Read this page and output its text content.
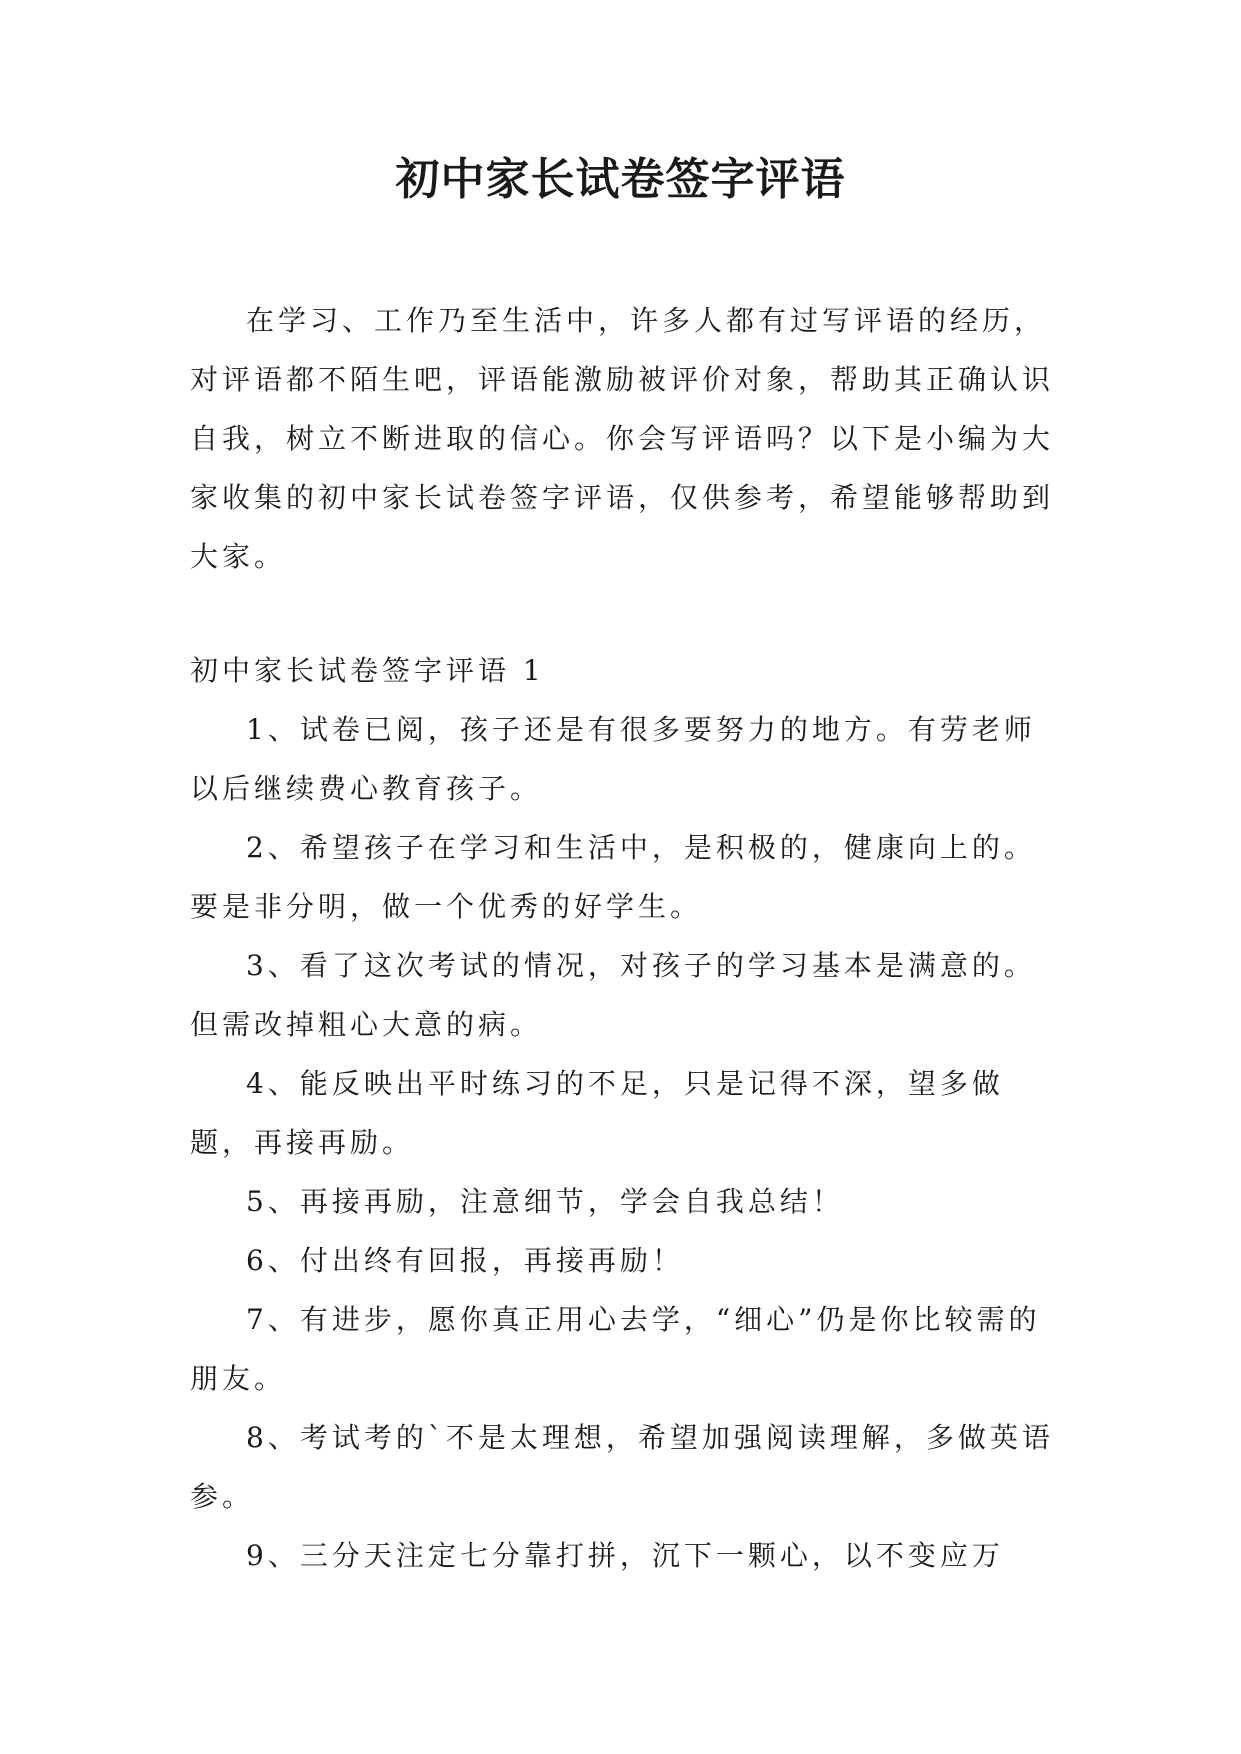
初中家长试卷签字评语

在学习、工作乃至生活中，许多人都有过写评语的经历，对评语都不陌生吧，评语能激励被评价对象，帮助其正确认识自我，树立不断进取的信心。你会写评语吗？以下是小编为大家收集的初中家长试卷签字评语，仅供参考，希望能够帮助到大家。

初中家长试卷签字评语 1
1、试卷已阅，孩子还是有很多要努力的地方。有劳老师以后继续费心教育孩子。
2、希望孩子在学习和生活中，是积极的，健康向上的。要是非分明，做一个优秀的好学生。
3、看了这次考试的情况，对孩子的学习基本是满意的。但需改掉粗心大意的病。
4、能反映出平时练习的不足，只是记得不深，望多做题，再接再励。
5、再接再励，注意细节，学会自我总结！
6、付出终有回报，再接再励！
7、有进步，愿你真正用心去学，“细心”仍是你比较需的朋友。
8、考试考的`不是太理想，希望加强阅读理解，多做英语参。
9、三分天注定七分靠打拼，沉下一颗心，以不变应万
